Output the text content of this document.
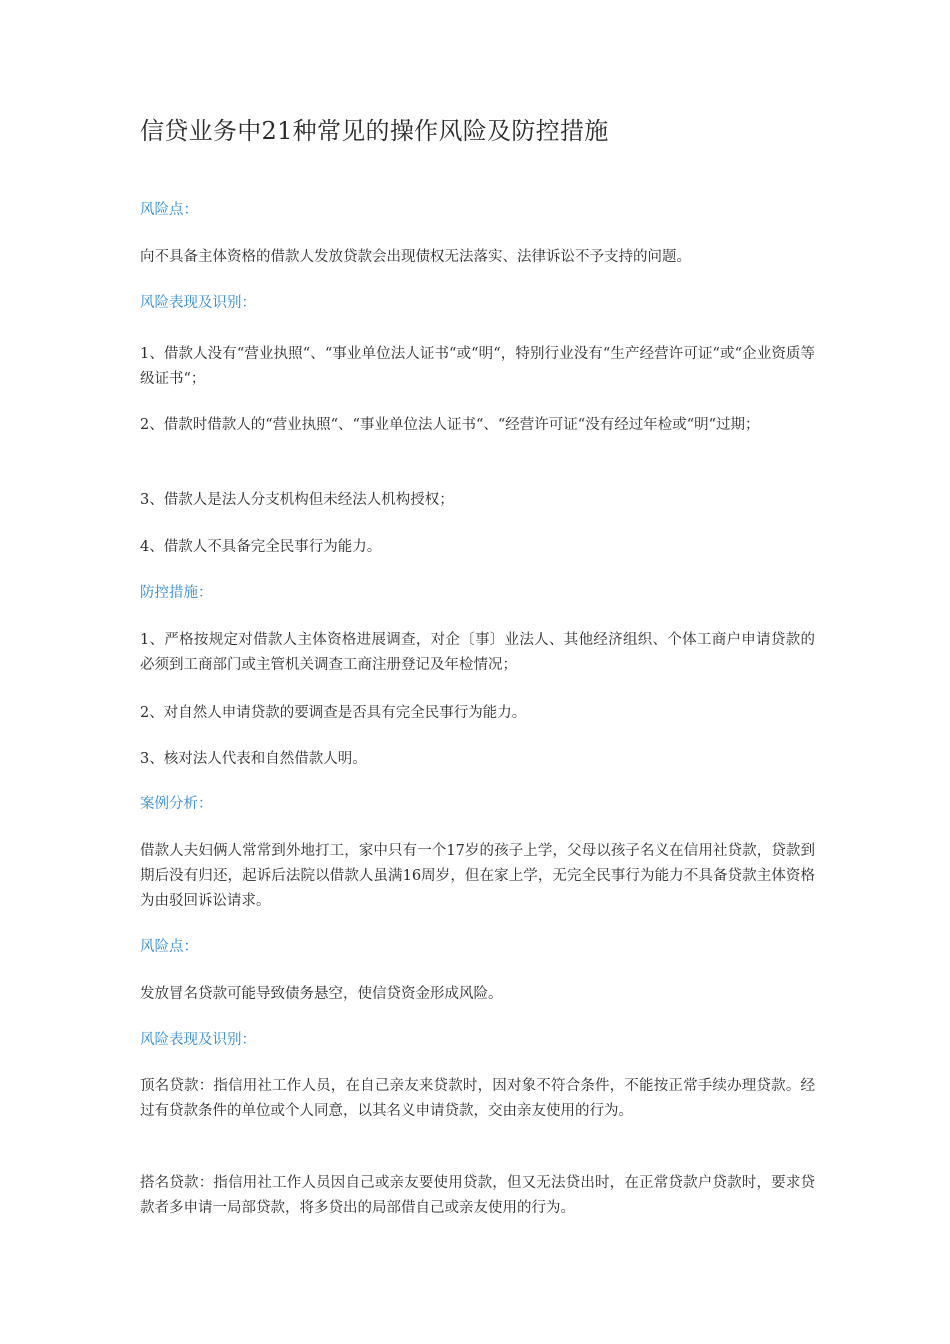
信贷业务中21种常见的操作风险及防控措施

风险点：

向不具备主体资格的借款人发放贷款会出现债权无法落实、法律诉讼不予支持的问题。

风险表现及识别：

1、借款人没有“营业执照“、“事业单位法人证书“或“明“，特别行业没有“生产经营许可证“或“企业资质等级证书“；

2、借款时借款人的“营业执照“、“事业单位法人证书“、“经营许可证“没有经过年检或“明“过期；

3、借款人是法人分支机构但未经法人机构授权；

4、借款人不具备完全民事行为能力。

防控措施：

1、严格按规定对借款人主体资格进展调查，对企〔事〕业法人、其他经济组织、个体工商户申请贷款的必须到工商部门或主管机关调查工商注册登记及年检情况；

2、对自然人申请贷款的要调查是否具有完全民事行为能力。

3、核对法人代表和自然借款人明。

案例分析：

借款人夫妇俩人常常到外地打工，家中只有一个17岁的孩子上学，父母以孩子名义在信用社贷款，贷款到期后没有归还，起诉后法院以借款人虽满16周岁，但在家上学，无完全民事行为能力不具备贷款主体资格为由驳回诉讼请求。

风险点：

发放冒名贷款可能导致债务悬空，使信贷资金形成风险。

风险表现及识别：

顶名贷款：指信用社工作人员，在自己亲友来贷款时，因对象不符合条件，不能按正常手续办理贷款。经过有贷款条件的单位或个人同意，以其名义申请贷款，交由亲友使用的行为。

搭名贷款：指信用社工作人员因自己或亲友要使用贷款，但又无法贷出时，在正常贷款户贷款时，要求贷款者多申请一局部贷款，将多贷出的局部借自己或亲友使用的行为。
